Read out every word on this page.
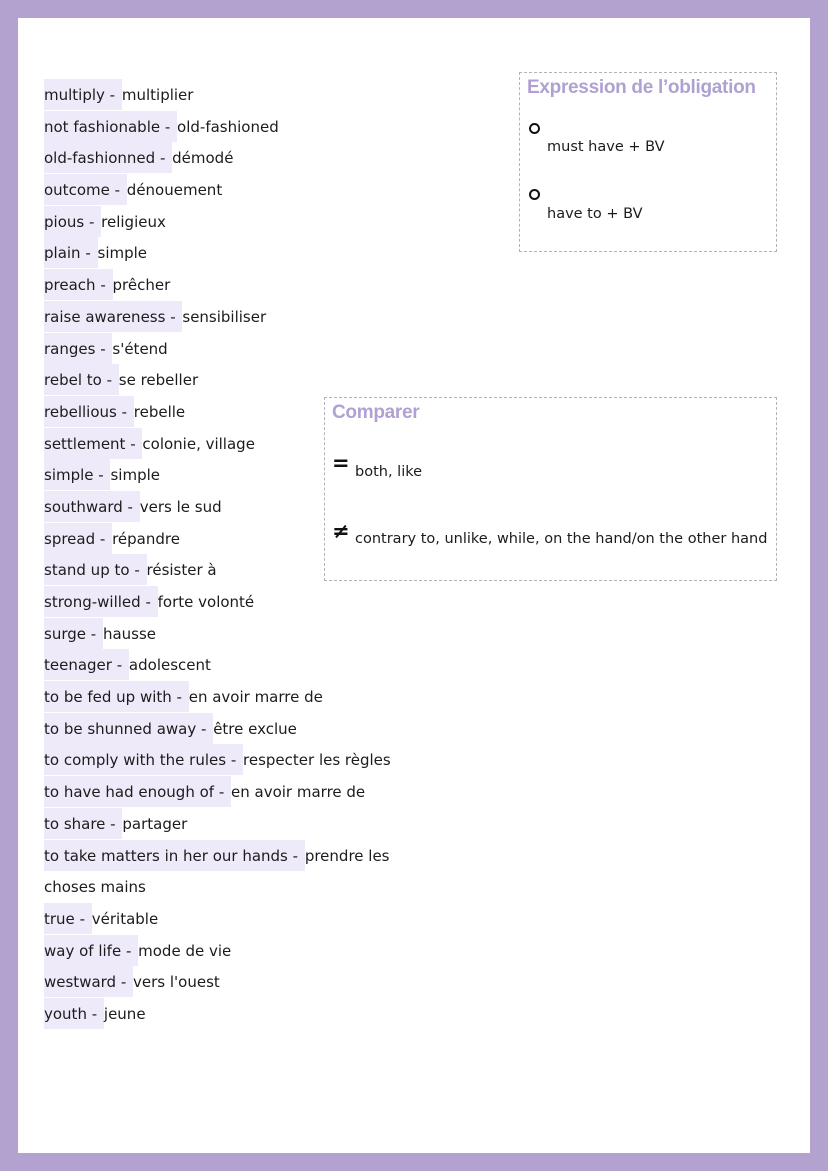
multiply - multiplier
not fashionable - old-fashioned
old-fashionned - démodé
outcome - dénouement
pious - religieux
plain - simple
preach - prêcher
raise awareness - sensibiliser
ranges - s'étend
rebel to - se rebeller
rebellious - rebelle
settlement - colonie, village
simple - simple
southward - vers le sud
spread - répandre
stand up to - résister à
strong-willed - forte volonté
surge - hausse
teenager - adolescent
to be fed up with - en avoir marre de
to be shunned away - être exclue
to comply with the rules - respecter les règles
to have had enough of - en avoir marre de
to share - partager
to take matters in her our hands - prendre les
choses mains
true - véritable
way of life - mode de vie
westward - vers l'ouest
youth - jeune
Expression de l’obligation
must have + BV
have to + BV
Comparer
= both, like
≠ contrary to, unlike, while, on the hand/on the other hand
